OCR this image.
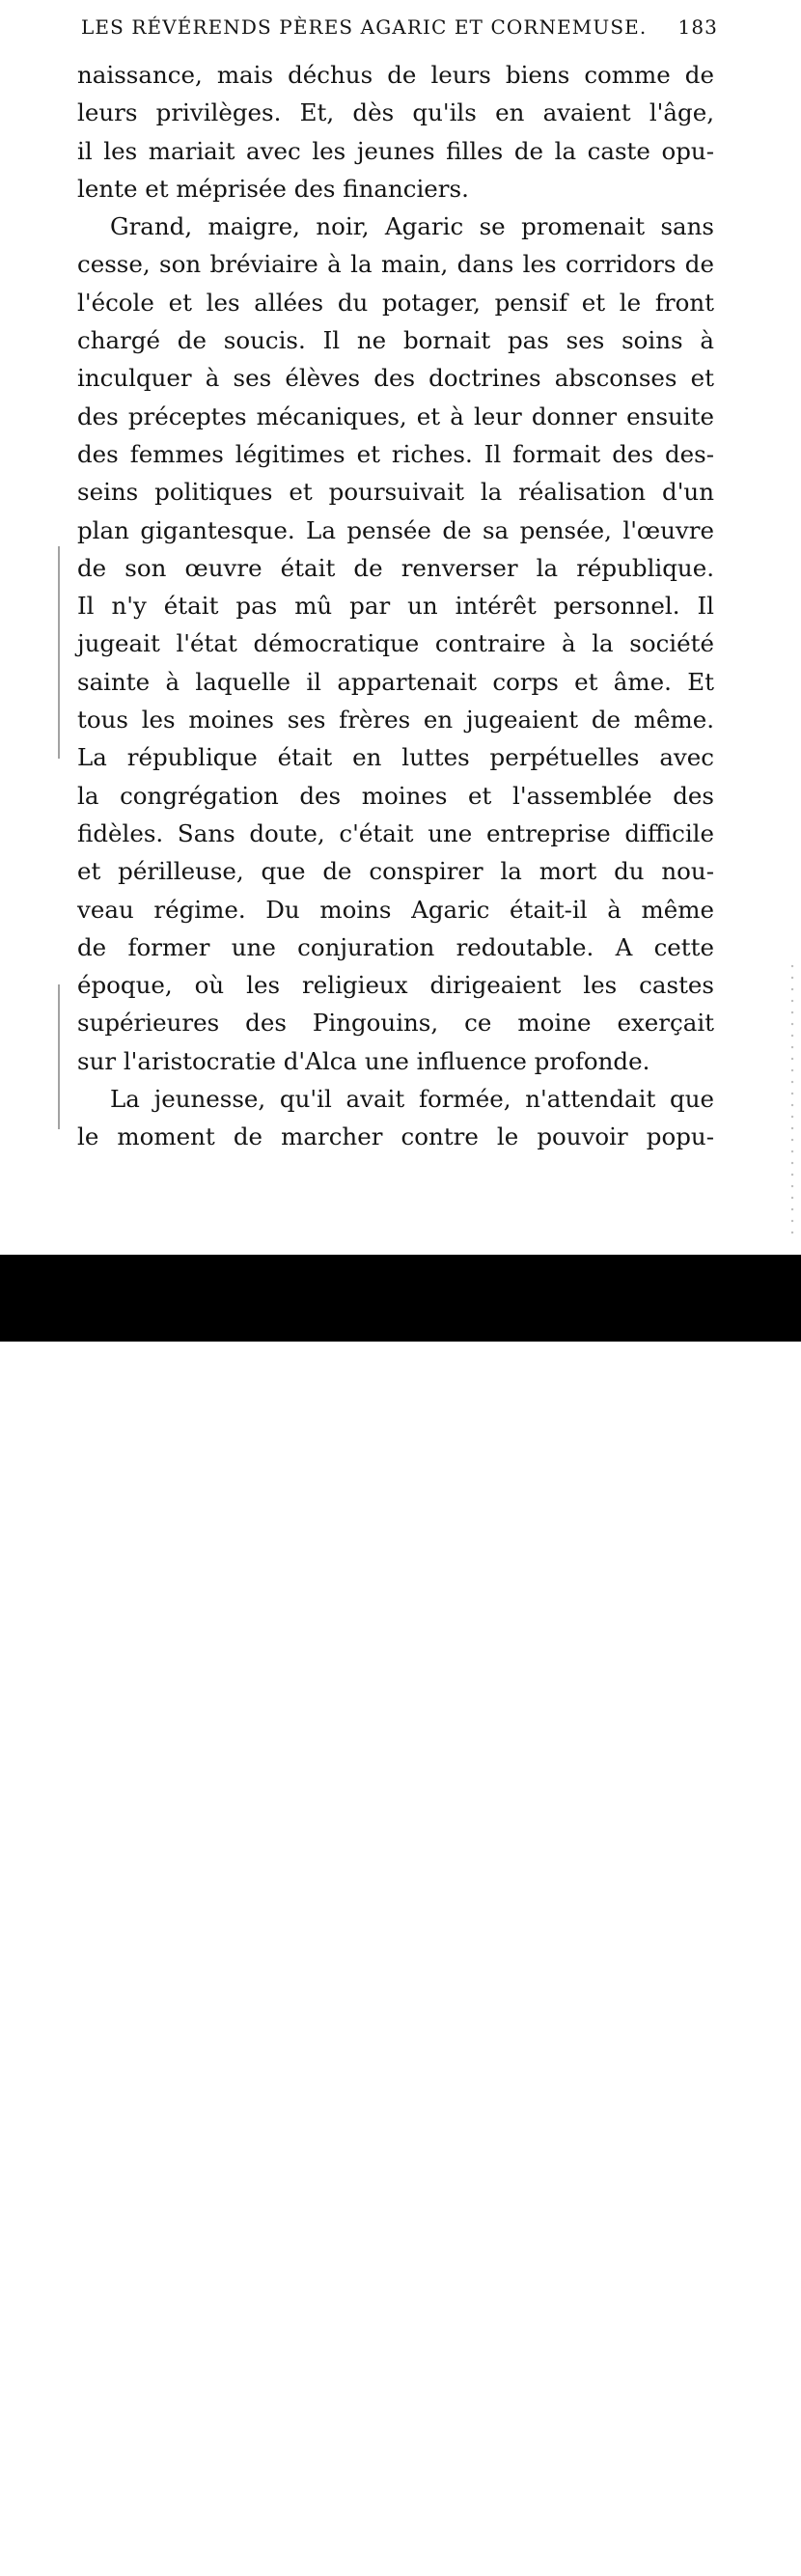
LES RÉVÉRENDS PÈRES AGARIC ET CORNEMUSE. 183
naissance, mais déchus de leurs biens comme de
leurs privilèges. Et, dès qu'ils en avaient l'âge,
il les mariait avec les jeunes filles de la caste opu-
lente et méprisée des financiers.
Grand, maigre, noir, Agaric se promenait sans
cesse, son bréviaire à la main, dans les corridors de
l'école et les allées du potager, pensif et le front
chargé de soucis. Il ne bornait pas ses soins à
inculquer à ses élèves des doctrines absconses et
des préceptes mécaniques, et à leur donner ensuite
des femmes légitimes et riches. Il formait des des-
seins politiques et poursuivait la réalisation d'un
plan gigantesque. La pensée de sa pensée, l'œuvre
de son œuvre était de renverser la république.
Il n'y était pas mû par un intérêt personnel. Il
jugeait l'état démocratique contraire à la société
sainte à laquelle il appartenait corps et âme. Et
tous les moines ses frères en jugeaient de même.
La république était en luttes perpétuelles avec
la congrégation des moines et l'assemblée des
fidèles. Sans doute, c'était une entreprise difficile
et périlleuse, que de conspirer la mort du nou-
veau régime. Du moins Agaric était-il à même
de former une conjuration redoutable. A cette
époque, où les religieux dirigeaient les castes
supérieures des Pingouins, ce moine exerçait
sur l'aristocratie d'Alca une influence profonde.
La jeunesse, qu'il avait formée, n'attendait que
le moment de marcher contre le pouvoir popu-
alamy	P90A2D
www.alamy.com
